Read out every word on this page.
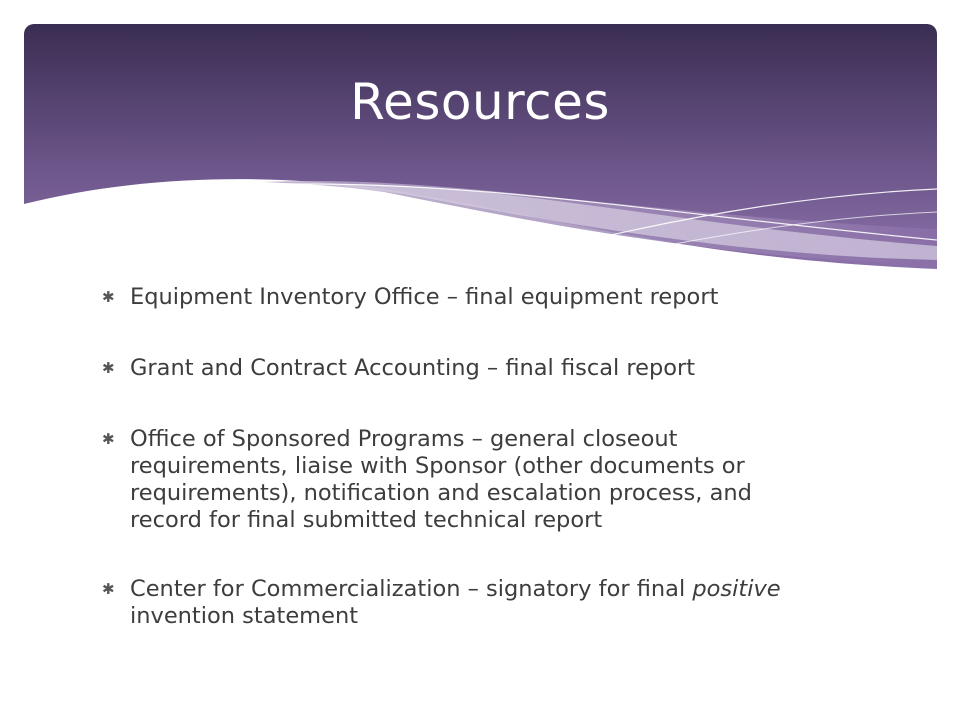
Resources
✱ Equipment Inventory Office – final equipment report
✱ Grant and Contract Accounting – final fiscal report
✱ Office of Sponsored Programs – general closeout requirements, liaise with Sponsor (other documents or requirements), notification and escalation process, and record for final submitted technical report
✱ Center for Commercialization – signatory for final positive invention statement
